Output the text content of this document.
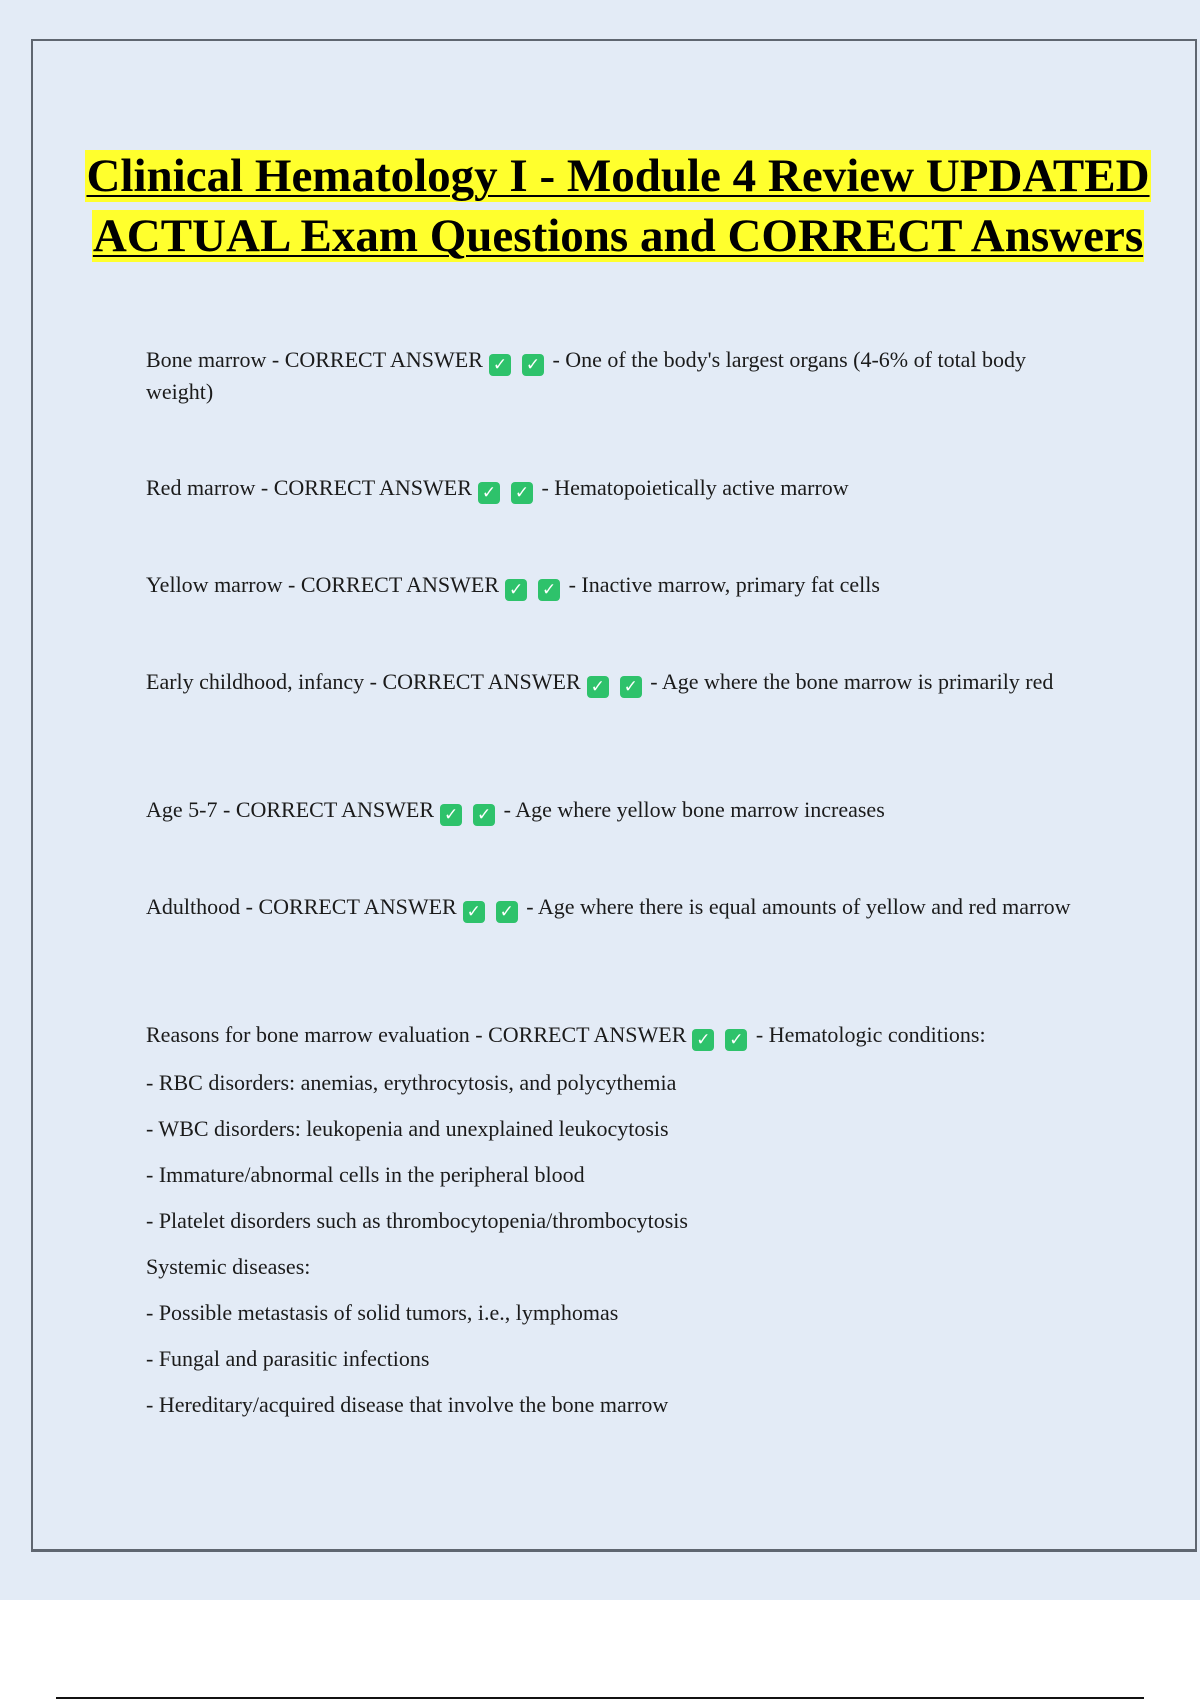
Clinical Hematology I - Module 4 Review UPDATED ACTUAL Exam Questions and CORRECT Answers
Bone marrow - CORRECT ANSWER ✓ ✓ - One of the body's largest organs (4-6% of total body weight)
Red marrow - CORRECT ANSWER ✓ ✓ - Hematopoietically active marrow
Yellow marrow - CORRECT ANSWER ✓ ✓ - Inactive marrow, primary fat cells
Early childhood, infancy - CORRECT ANSWER ✓ ✓ - Age where the bone marrow is primarily red
Age 5-7 - CORRECT ANSWER ✓ ✓ - Age where yellow bone marrow increases
Adulthood - CORRECT ANSWER ✓ ✓ - Age where there is equal amounts of yellow and red marrow
Reasons for bone marrow evaluation - CORRECT ANSWER ✓ ✓ - Hematologic conditions:
- RBC disorders: anemias, erythrocytosis, and polycythemia
- WBC disorders: leukopenia and unexplained leukocytosis
- Immature/abnormal cells in the peripheral blood
- Platelet disorders such as thrombocytopenia/thrombocytosis
Systemic diseases:
- Possible metastasis of solid tumors, i.e., lymphomas
- Fungal and parasitic infections
- Hereditary/acquired disease that involve the bone marrow
